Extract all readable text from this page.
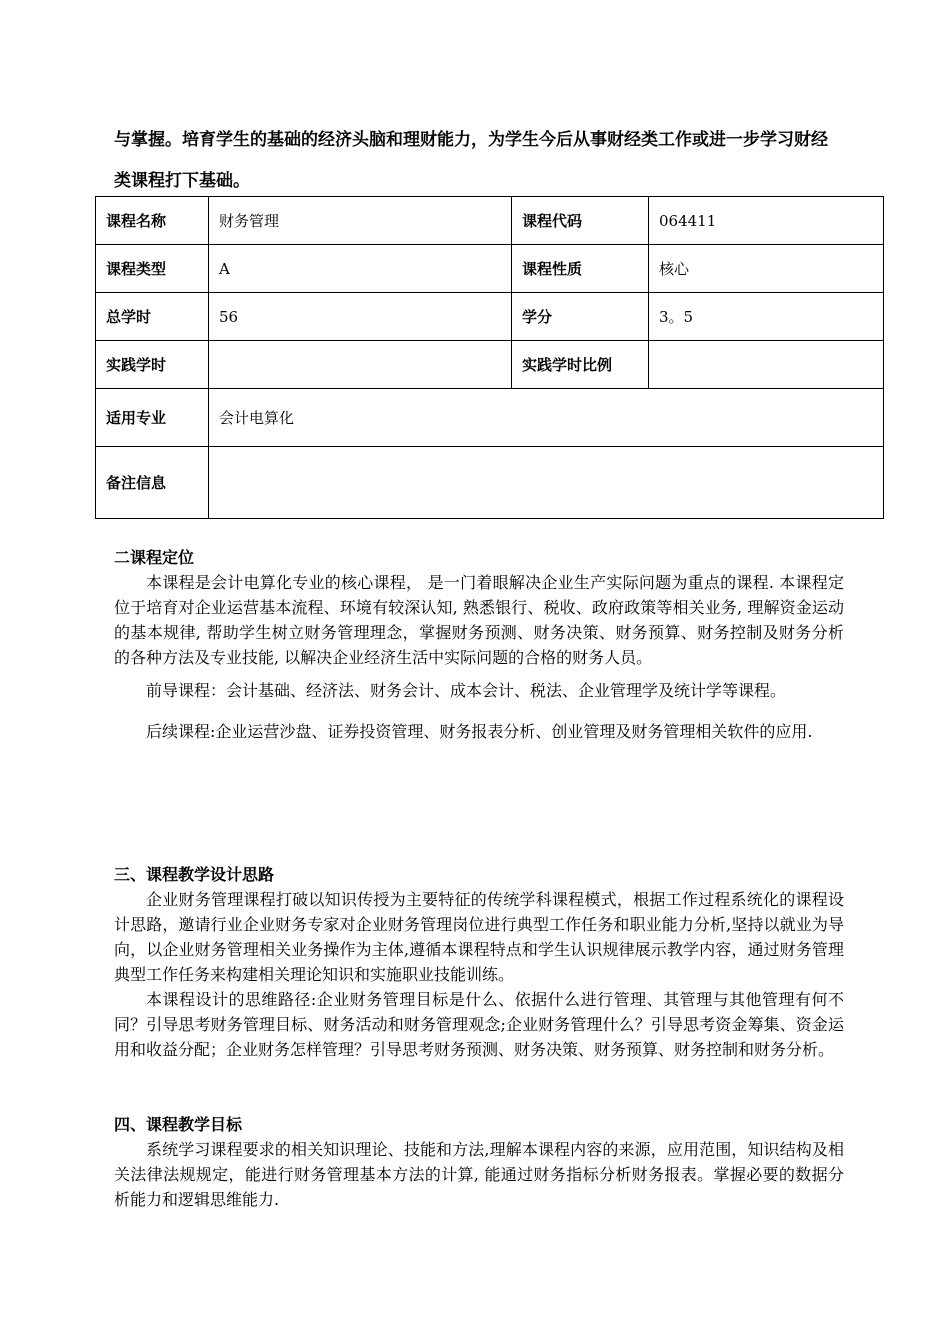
与掌握。培育学生的基础的经济头脑和理财能力，为学生今后从事财经类工作或进一步学习财经类课程打下基础。

课程名称	财务管理	课程代码	064411
课程类型	A	课程性质	核心
总学时	56	学分	3。5
实践学时		实践学时比例	
适用专业	会计电算化		
备注信息			
二课程定位

本课程是会计电算化专业的核心课程， 是一门着眼解决企业生产实际问题为重点的课程. 本课程定位于培育对企业运营基本流程、环境有较深认知, 熟悉银行、税收、政府政策等相关业务, 理解资金运动的基本规律, 帮助学生树立财务管理理念，掌握财务预测、财务决策、财务预算、财务控制及财务分析的各种方法及专业技能, 以解决企业经济生活中实际问题的合格的财务人员。

前导课程：会计基础、经济法、财务会计、成本会计、税法、企业管理学及统计学等课程。

后续课程:企业运营沙盘、证券投资管理、财务报表分析、创业管理及财务管理相关软件的应用.

三、课程教学设计思路

企业财务管理课程打破以知识传授为主要特征的传统学科课程模式，根据工作过程系统化的课程设计思路，邀请行业企业财务专家对企业财务管理岗位进行典型工作任务和职业能力分析,坚持以就业为导向，以企业财务管理相关业务操作为主体,遵循本课程特点和学生认识规律展示教学内容，通过财务管理典型工作任务来构建相关理论知识和实施职业技能训练。

本课程设计的思维路径:企业财务管理目标是什么、依据什么进行管理、其管理与其他管理有何不同？引导思考财务管理目标、财务活动和财务管理观念;企业财务管理什么？引导思考资金筹集、资金运用和收益分配；企业财务怎样管理？引导思考财务预测、财务决策、财务预算、财务控制和财务分析。

四、课程教学目标

系统学习课程要求的相关知识理论、技能和方法,理解本课程内容的来源，应用范围，知识结构及相关法律法规规定，能进行财务管理基本方法的计算, 能通过财务指标分析财务报表。掌握必要的数据分析能力和逻辑思维能力.
